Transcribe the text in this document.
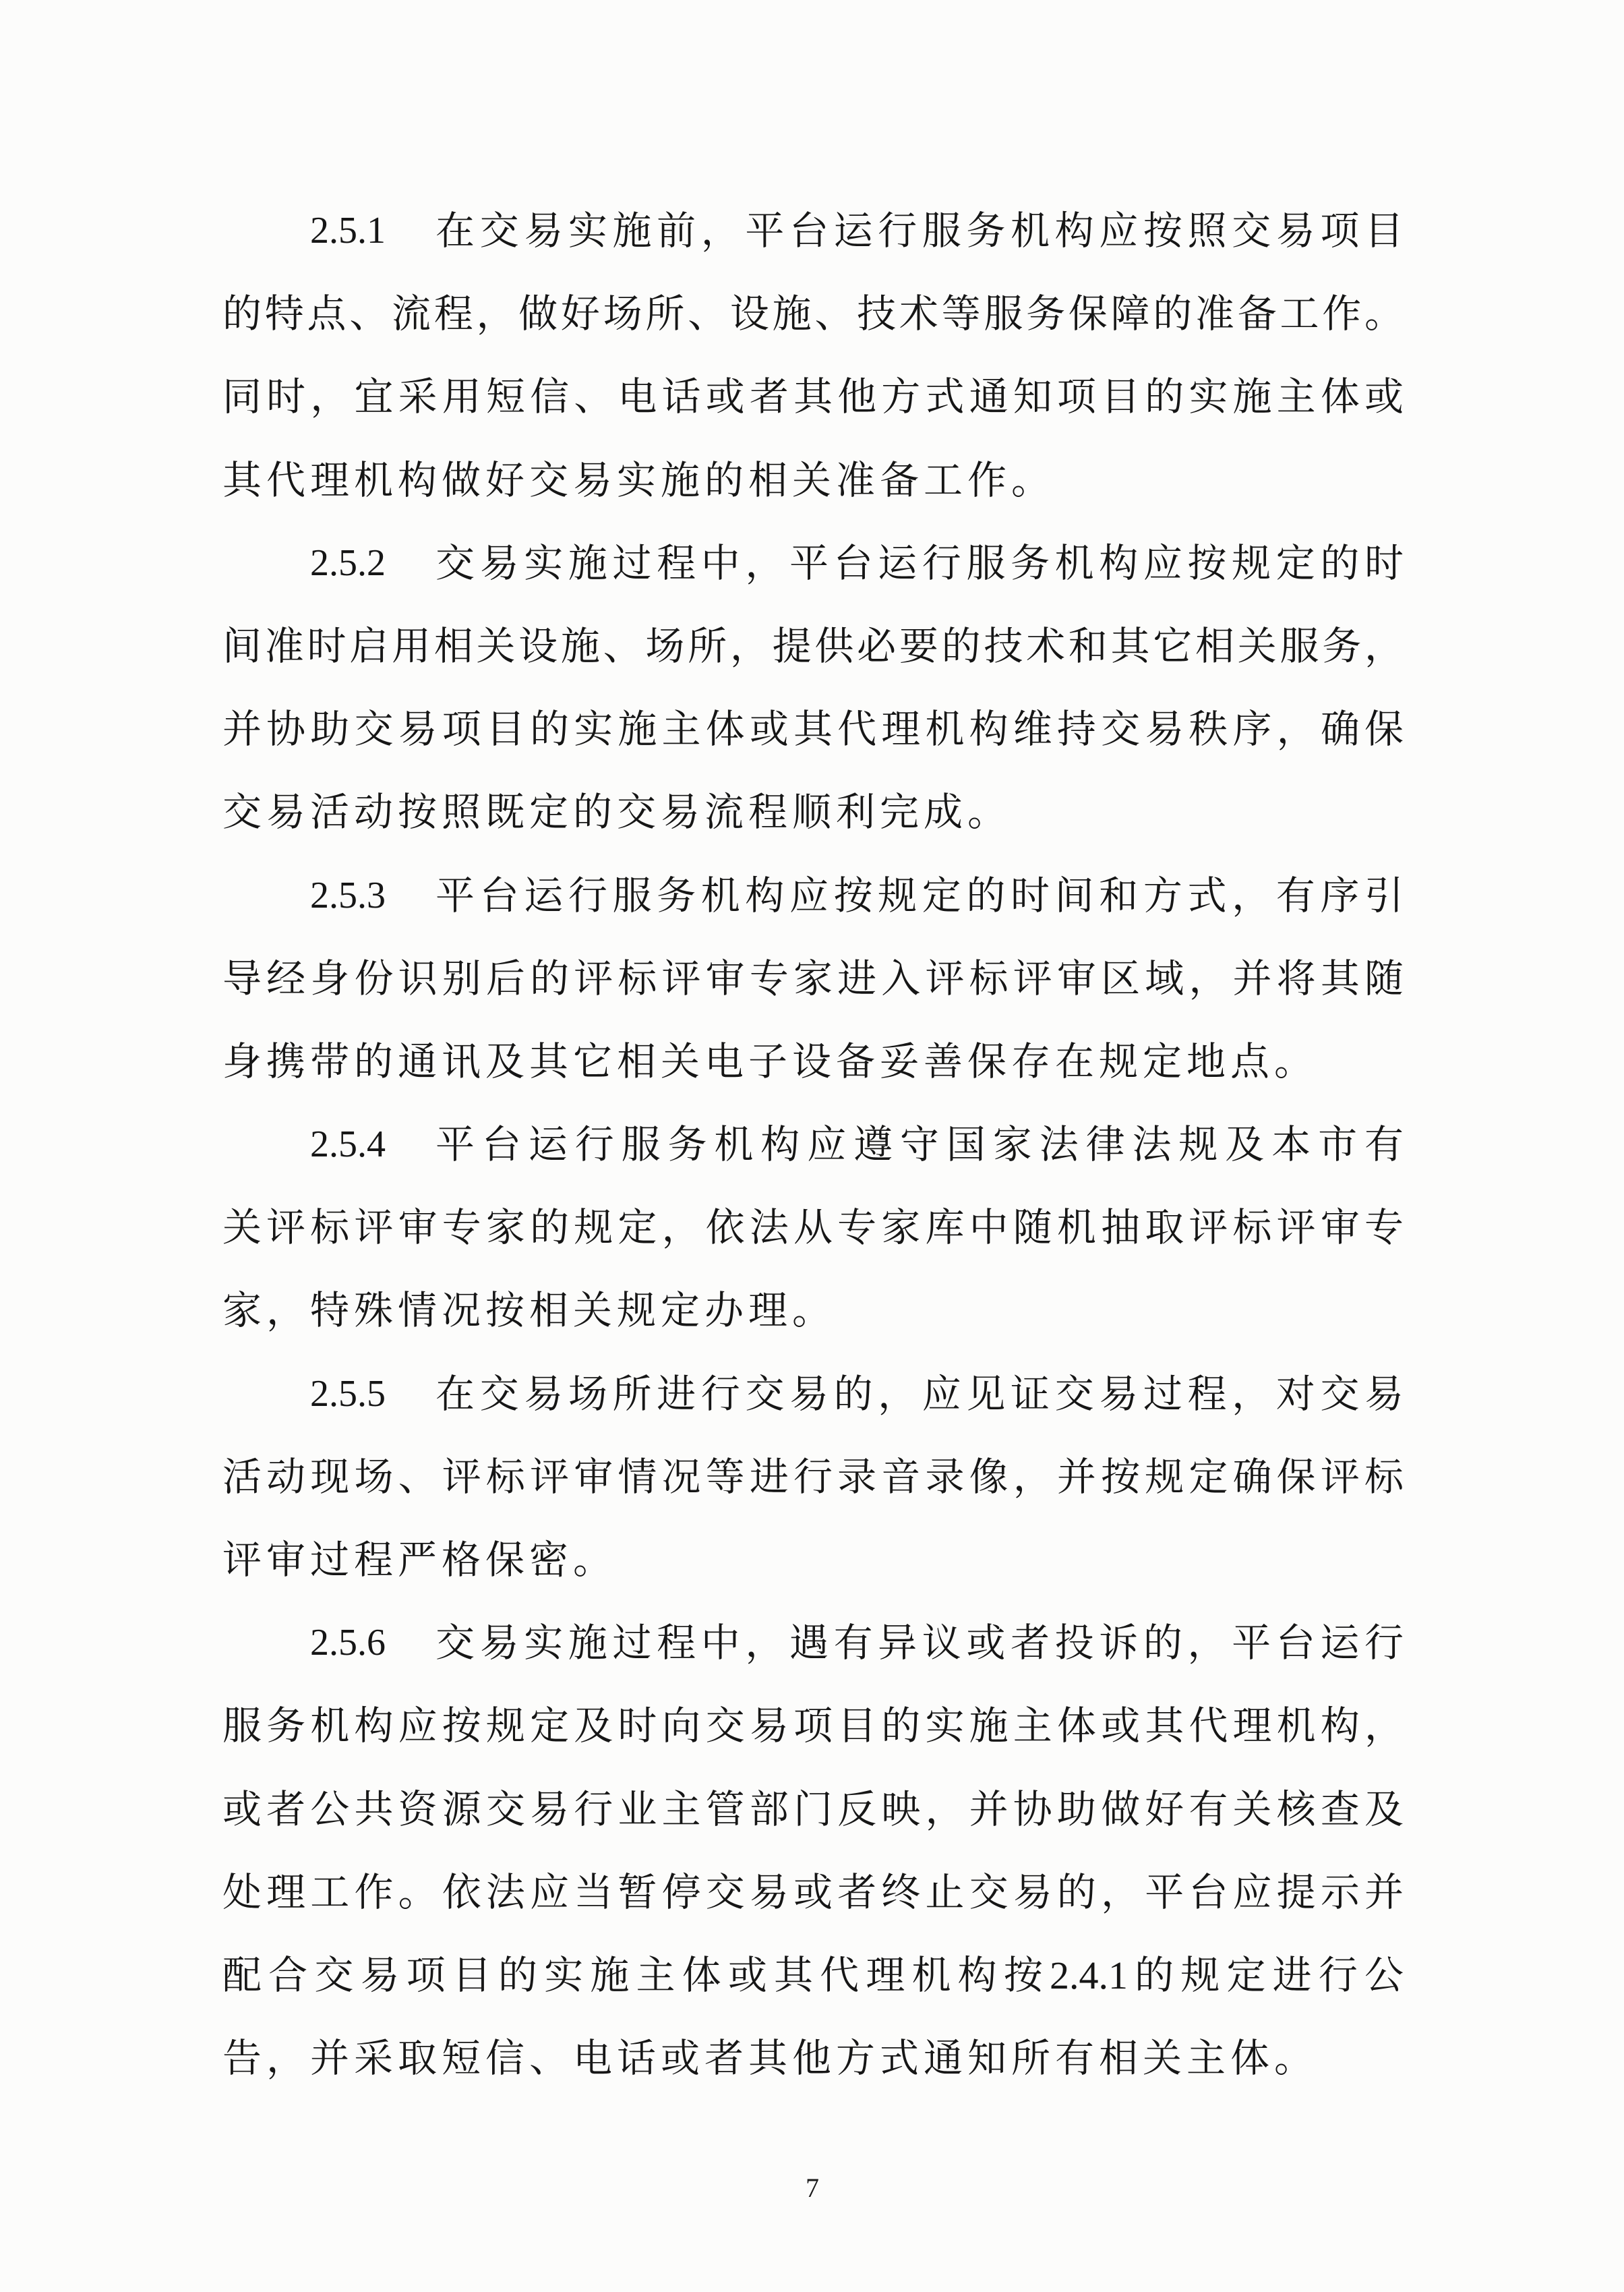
2.5.1	在交易实施前，平台运行服务机构应按照交易项目
的特点、流程，做好场所、设施、技术等服务保障的准备工作。
同时，宜采用短信、电话或者其他方式通知项目的实施主体或
其代理机构做好交易实施的相关准备工作。
2.5.2	交易实施过程中，平台运行服务机构应按规定的时
间准时启用相关设施、场所，提供必要的技术和其它相关服务，
并协助交易项目的实施主体或其代理机构维持交易秩序，确保
交易活动按照既定的交易流程顺利完成。
2.5.3	平台运行服务机构应按规定的时间和方式，有序引
导经身份识别后的评标评审专家进入评标评审区域，并将其随
身携带的通讯及其它相关电子设备妥善保存在规定地点。
2.5.4	平台运行服务机构应遵守国家法律法规及本市有
关评标评审专家的规定，依法从专家库中随机抽取评标评审专
家，特殊情况按相关规定办理。
2.5.5	在交易场所进行交易的，应见证交易过程，对交易
活动现场、评标评审情况等进行录音录像，并按规定确保评标
评审过程严格保密。
2.5.6	交易实施过程中，遇有异议或者投诉的，平台运行
服务机构应按规定及时向交易项目的实施主体或其代理机构，
或者公共资源交易行业主管部门反映，并协助做好有关核查及
处理工作。依法应当暂停交易或者终止交易的，平台应提示并
配合交易项目的实施主体或其代理机构按2.4.1的规定进行公
告，并采取短信、电话或者其他方式通知所有相关主体。
7
